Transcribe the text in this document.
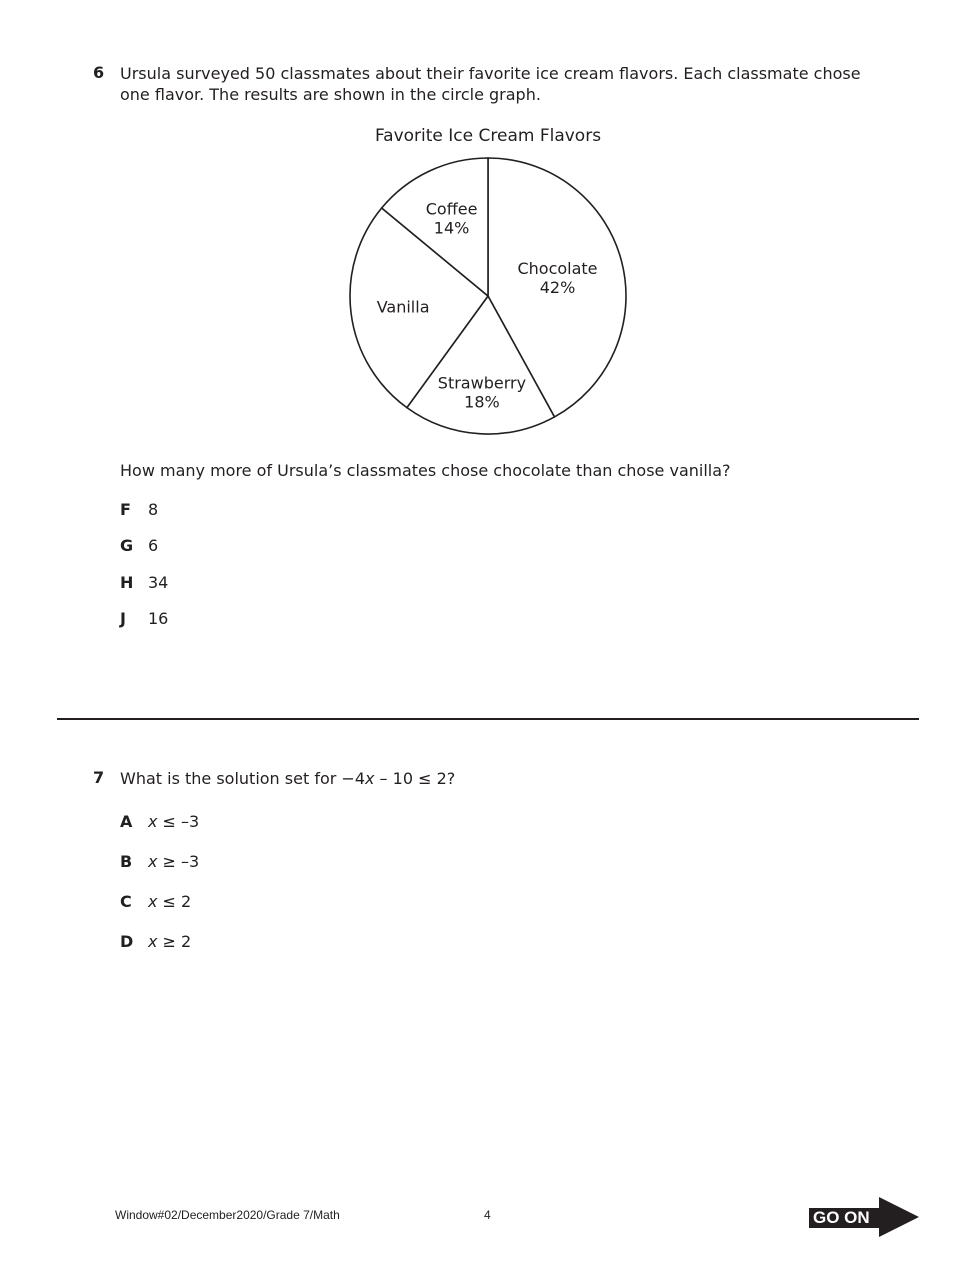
6 Ursula surveyed 50 classmates about their favorite ice cream flavors. Each classmate chose
one flavor. The results are shown in the circle graph.
Favorite Ice Cream Flavors
Chocolate
42%
Strawberry
18%
Vanilla
Coffee
14%
How many more of Ursula’s classmates chose chocolate than chose vanilla?
F	8
G 6
H 34
J	16
7 What is the solution set for −4x – 10 ≤ 2?
A x ≤ –3
B x ≥ –3
C	x ≤ 2
D x ≥ 2
Window#02/December2020/Grade 7/Math	4	GO ON
